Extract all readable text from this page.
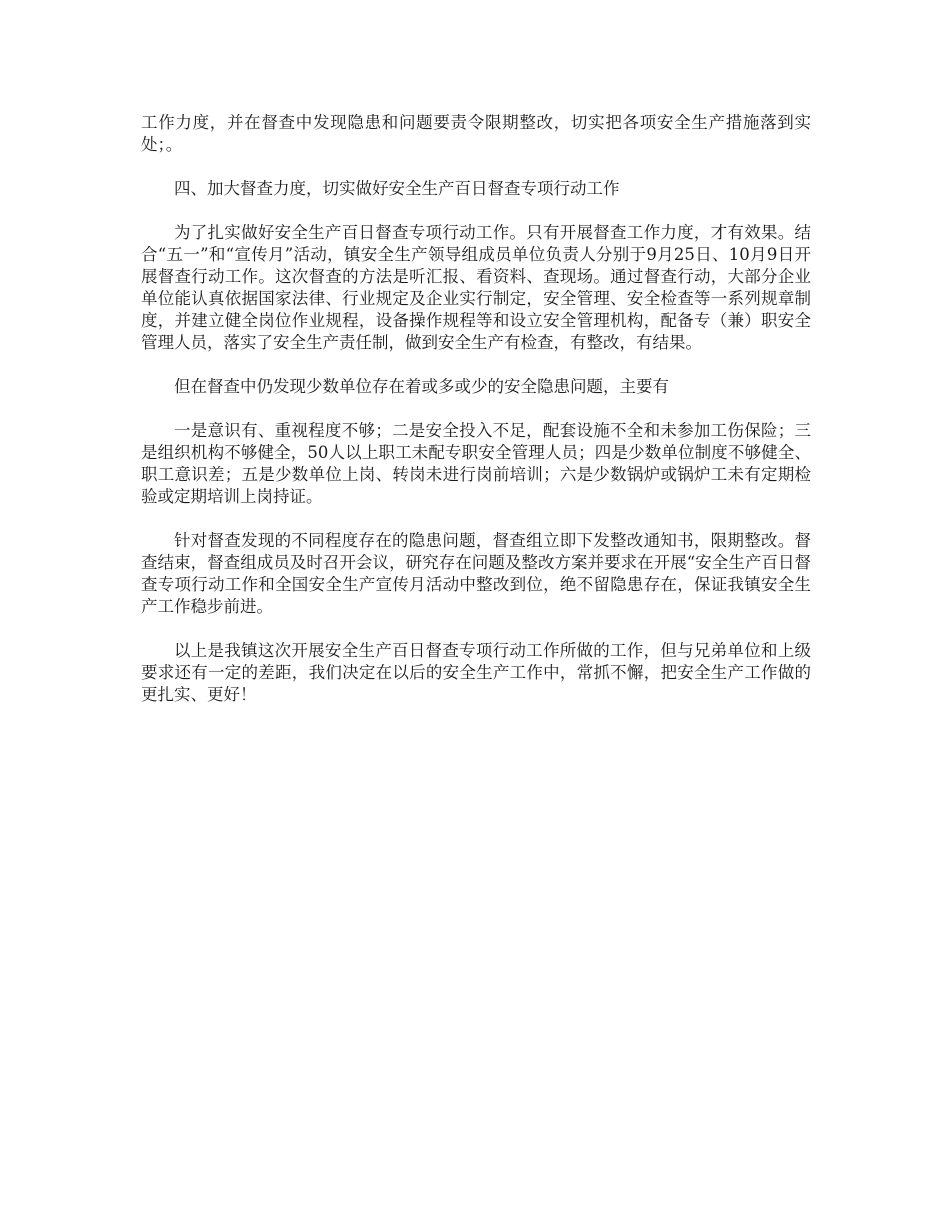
工作力度，并在督查中发现隐患和问题要责令限期整改，切实把各项安全生产措施落到实处；。

四、加大督查力度，切实做好安全生产百日督查专项行动工作

为了扎实做好安全生产百日督查专项行动工作。只有开展督查工作力度，才有效果。结合“五一”和“宣传月”活动，镇安全生产领导组成员单位负责人分别于9月25日、10月9日开展督查行动工作。这次督查的方法是听汇报、看资料、查现场。通过督查行动，大部分企业单位能认真依据国家法律、行业规定及企业实行制定，安全管理、安全检查等一系列规章制度，并建立健全岗位作业规程，设备操作规程等和设立安全管理机构，配备专（兼）职安全管理人员，落实了安全生产责任制，做到安全生产有检查，有整改，有结果。

但在督查中仍发现少数单位存在着或多或少的安全隐患问题，主要有

一是意识有、重视程度不够；二是安全投入不足，配套设施不全和未参加工伤保险；三是组织机构不够健全，50人以上职工未配专职安全管理人员；四是少数单位制度不够健全、职工意识差；五是少数单位上岗、转岗未进行岗前培训；六是少数锅炉或锅炉工未有定期检验或定期培训上岗持证。

针对督查发现的不同程度存在的隐患问题，督查组立即下发整改通知书，限期整改。督查结束，督查组成员及时召开会议，研究存在问题及整改方案并要求在开展“安全生产百日督查专项行动工作和全国安全生产宣传月活动中整改到位，绝不留隐患存在，保证我镇安全生产工作稳步前进。

以上是我镇这次开展安全生产百日督查专项行动工作所做的工作，但与兄弟单位和上级要求还有一定的差距，我们决定在以后的安全生产工作中，常抓不懈，把安全生产工作做的更扎实、更好！
